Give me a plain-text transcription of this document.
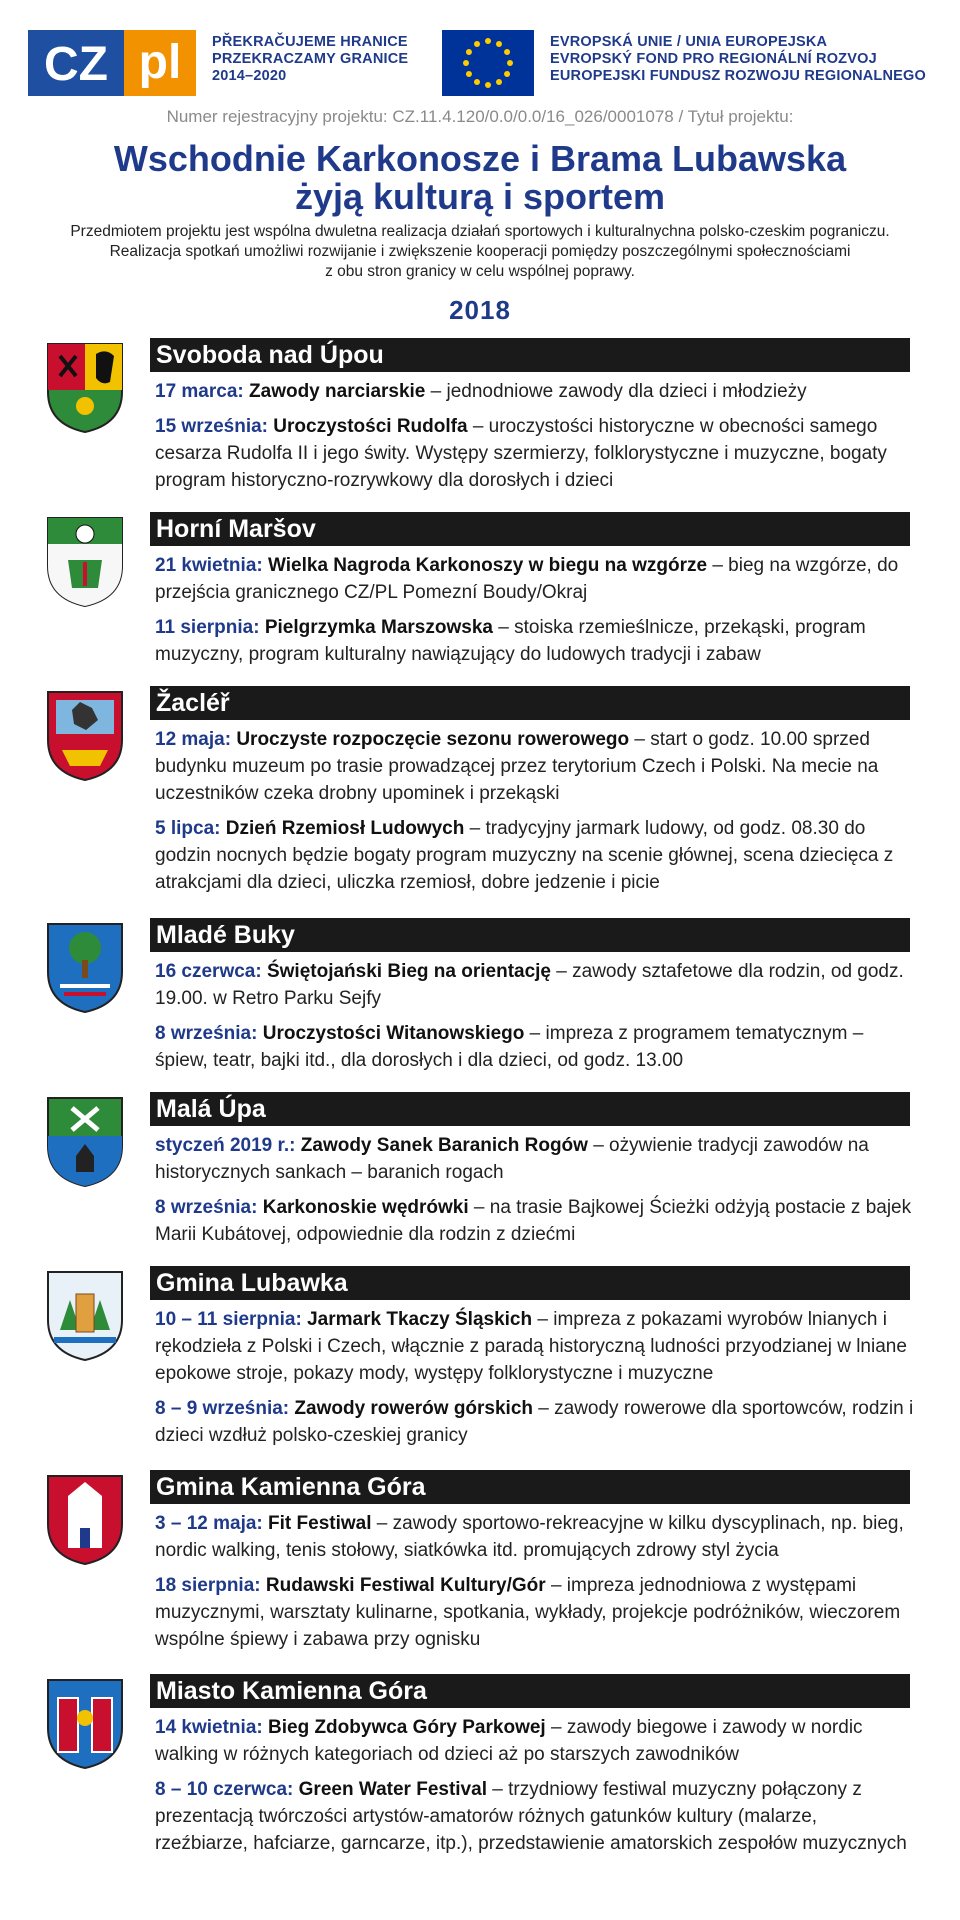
CZ pl PŘEKRAČUJEME HRANICE
PRZEKRACZAMY GRANICE
2014–2020
EVROPSKÁ UNIE / UNIA EUROPEJSKA
EVROPSKÝ FOND PRO REGIONÁLNÍ ROZVOJ
EUROPEJSKI FUNDUSZ ROZWOJU REGIONALNEGO
Numer rejestracyjny projektu: CZ.11.4.120/0.0/0.0/16_026/0001078 / Tytuł projektu:
Wschodnie Karkonosze i Brama Lubawska
żyją kulturą i sportem
Przedmiotem projektu jest wspólna dwuletna realizacja działań sportowych i kulturalnychna polsko-czeskim pograniczu.
Realizacja spotkań umożliwi rozwijanie i zwiększenie kooperacji pomiędzy poszczególnymi społecznościami
z obu stron granicy w celu wspólnej poprawy.
2018
Svoboda nad Úpou
17 marca: Zawody narciarskie – jednodniowe zawody dla dzieci i młodzieży
15 września: Uroczystości Rudolfa – uroczystości historyczne w obecności samego cesarza Rudolfa II i jego świty. Występy szermierzy, folklorystyczne i muzyczne, bogaty program historyczno-rozrywkowy dla dorosłych i dzieci
Horní Maršov
21 kwietnia: Wielka Nagroda Karkonoszy w biegu na wzgórze – bieg na wzgórze, do przejścia granicznego CZ/PL Pomezní Boudy/Okraj
11 sierpnia: Pielgrzymka Marszowska – stoiska rzemieślnicze, przekąski, program muzyczny, program kulturalny nawiązujący do ludowych tradycji i zabaw
Žacléř
12 maja: Uroczyste rozpoczęcie sezonu rowerowego – start o godz. 10.00 sprzed budynku muzeum po trasie prowadzącej przez terytorium Czech i Polski. Na mecie na uczestników czeka drobny upominek i przekąski
5 lipca: Dzień Rzemiosł Ludowych – tradycyjny jarmark ludowy, od godz. 08.30 do godzin nocnych będzie bogaty program muzyczny na scenie głównej, scena dziecięca z atrakcjami dla dzieci, uliczka rzemiosł, dobre jedzenie i picie
Mladé Buky
16 czerwca: Świętojański Bieg na orientację – zawody sztafetowe dla rodzin, od godz. 19.00. w Retro Parku Sejfy
8 września: Uroczystości Witanowskiego – impreza z programem tematycznym – śpiew, teatr, bajki itd., dla dorosłych i dla dzieci, od godz. 13.00
Malá Úpa
styczeń 2019 r.: Zawody Sanek Baranich Rogów – ożywienie tradycji zawodów na historycznych sankach – baranich rogach
8 września: Karkonoskie wędrówki – na trasie Bajkowej Ścieżki odżyją postacie z bajek Marii Kubátovej, odpowiednie dla rodzin z dziećmi
Gmina Lubawka
10 – 11 sierpnia: Jarmark Tkaczy Śląskich – impreza z pokazami wyrobów lnianych i rękodzieła z Polski i Czech, włącznie z paradą historyczną ludności przyodzianej w lniane epokowe stroje, pokazy mody, występy folklorystyczne i muzyczne
8 – 9 września: Zawody rowerów górskich – zawody rowerowe dla sportowców, rodzin i dzieci wzdłuż polsko-czeskiej granicy
Gmina Kamienna Góra
3 – 12 maja: Fit Festiwal – zawody sportowo-rekreacyjne w kilku dyscyplinach, np. bieg, nordic walking, tenis stołowy, siatkówka itd. promujących zdrowy styl życia
18 sierpnia: Rudawski Festiwal Kultury/Gór – impreza jednodniowa z występami muzycznymi, warsztaty kulinarne, spotkania, wykłady, projekcje podróżników, wieczorem wspólne śpiewy i zabawa przy ognisku
Miasto Kamienna Góra
14 kwietnia: Bieg Zdobywca Góry Parkowej – zawody biegowe i zawody w nordic walking w różnych kategoriach od dzieci aż po starszych zawodników
8 – 10 czerwca: Green Water Festival – trzydniowy festiwal muzyczny połączony z prezentacją twórczości artystów-amatorów różnych gatunków kultury (malarze, rzeźbiarze, hafciarze, garncarze, itp.), przedstawienie amatorskich zespołów muzycznych
